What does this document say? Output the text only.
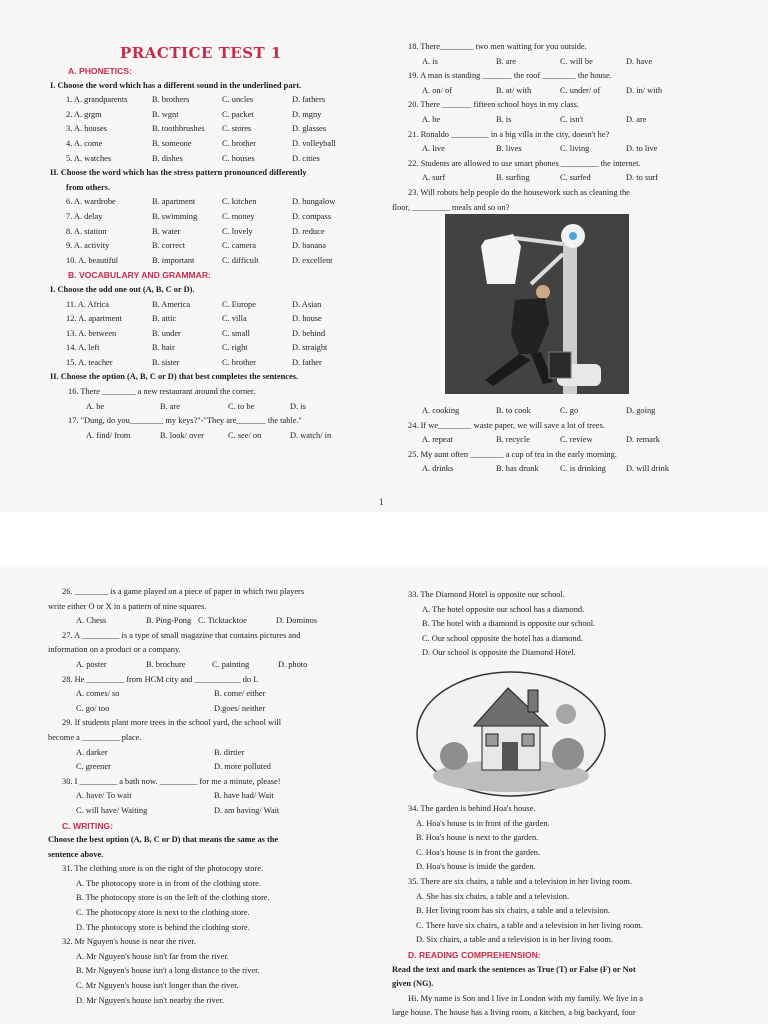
1
PRACTICE TEST 1
A. PHONETICS:
I. Choose the word which has a different sound in the underlined part.
1. A. grandparents	B. brothers	C. uncles	D. fathers
2. A. grgm	B. wgnt	C. packet	D. mgny
3. A. houses	B. toothbrushes C. stores	D. glasses
4. A. come	B. someone	C. brother	D. volleyball
5. A. watches	B. dishes	C. houses	D. cities
II. Choose the word which has the stress pattern pronounced differently
from others.
6. A. wardrobe	B. apartment	C. kitchen	D. bungalow
7. A. delay	B. swimming	C. money	D. compass
8. A. station	B. water	C. lovely	D. reduce
9. A. activity	B. correct	C. camera	D. banana
10. A. beautiful	B. important	C. difficult	D. excellent
B. VOCABULARY AND GRAMMAR:
I. Choose the odd one out (A, B, C or D).
11. A. Africa	B. America	C. Europe	D. Asian
12. A. apartment	B. attic	C. villa	D. house
13. A. between	B. under	C. small	D. behind
14. A. left	B. hair	C. right	D. straight
15. A. teacher	B. sister	C. brother	D. father
II. Choose the option (A, B, C or D) that best completes the sentences.
16. There ________ a new restaurant around the corner.
A. be	B. are	C. to be	D. is
17. "Dung, do you________ my keys?"-"They are_______ the table."
A. find/ from	B. look/ over	C. see/ on	D. watch/ in
18. There________ two men waiting for you outside.
A. is	B. are	C. will be	D. have
19. A man is standing _______ the roof ________ the house.
A. on/ of	B. at/ with	C. under/ of	D. in/ with
20. There _______ fifteen school boys in my class.
A. be	B. is	C. isn't	D. are
21. Ronaldo _________ in a big villa in the city, doesn't he?
A. live	B. lives	C. living	D. to live
22. Students are allowed to use smart phones _________ the internet.
A. surf	B. surfing	C. surfed	D. to surf
23. Will robots help people do the housework such as cleaning the
floor, _________ meals and so on?
A. cooking	B. to cook	C. go	D. going
24. If we________ waste paper, we will save a lot of trees.
A. repeat	B. recycle	C. review	D. remark
25. My aunt often ________ a cup of tea in the early morning.
A. drinks	B. has drunk	C. is drinking D. will drink
26. ________ is a game played on a piece of paper in which two players
write either O or X in a pattern of nine squares.
A. Chess	B. Ping-Pong C. Ticktacktoe	D. Dominos
27. A _________ is a type of small magazine that contains pictures and
information on a product or a company.
A. poster	B. brochure	C. painting	D. photo
28. He _________ from HCM city and ___________ do I.
A. comes/ so	B. come/ either
C. go/ too	D.goes/ neither
29. If students plant more trees in the school yard, the school will
become a _________ place.
A. darker	B. dirtier
C. greener	D. more polluted
30. I _________ a bath now. _________ for me a minute, please!
A. have/ To wait	B. have had/ Wait
C. will have/ Waiting	D. am having/ Wait
C. WRITING:
Choose the best option (A, B, C or D) that means the same as the
sentence above.
31. The clothing store is on the right of the photocopy store.
A. The photocopy store is in front of the clothing store.
B. The photocopy store is on the left of the clothing store.
C. The photocopy store is next to the clothing store.
D. The photocopy store is behind the clothing store.
32. Mr Nguyen's house is near the river.
A. Mr Nguyen's house isn't far from the river.
B. Mr Nguyen's house isn't a long distance to the river.
C. Mr Nguyen's house isn't longer than the river.
D. Mr Nguyen's house isn't nearby the river.
33. The Diamond Hotel is opposite our school.
A. The hotel opposite our school has a diamond.
B. The hotel with a diamond is opposite our school.
C. Our school opposite the hotel has a diamond.
D. Our school is opposite the Diamond Hotel.
34. The garden is behind Hoa's house.
A. Hoa's house is in front of the garden.
B. Hoa's house is next to the garden.
C. Hoa's house is in front the garden.
D. Hoa's house is inside the garden.
35. There are six chairs, a table and a television in her living room.
A. She has six chairs, a table and a television.
B. Her living room has six chairs, a table and a television.
C. There have six chairs, a table and a television in her living room.
D. Six chairs, a table and a television is in her living room.
D. READING COMPREHENSION:
Read the text and mark the sentences as True (T) or False (F) or Not
given (NG).
Hi. My name is Son and I live in London with my family. We live in a
large house. The house has a living room, a kitchen, a big backyard, four
